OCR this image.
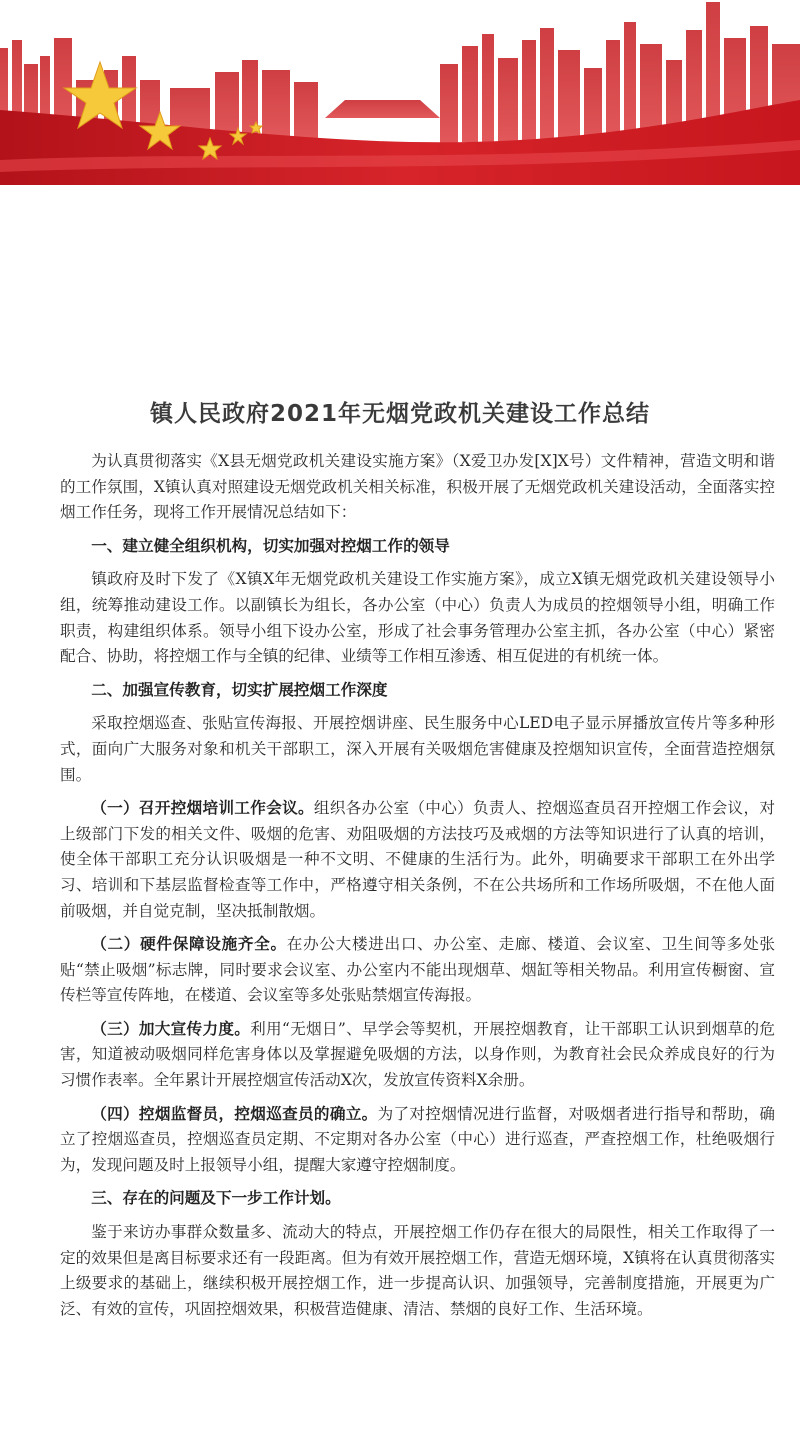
镇人民政府2021年无烟党政机关建设工作总结

为认真贯彻落实《X县无烟党政机关建设实施方案》（X爱卫办发[X]X号）文件精神，营造文明和谐的工作氛围，X镇认真对照建设无烟党政机关相关标准，积极开展了无烟党政机关建设活动，全面落实控烟工作任务，现将工作开展情况总结如下：

一、建立健全组织机构，切实加强对控烟工作的领导

镇政府及时下发了《X镇X年无烟党政机关建设工作实施方案》，成立X镇无烟党政机关建设领导小组，统筹推动建设工作。以副镇长为组长，各办公室（中心）负责人为成员的控烟领导小组，明确工作职责，构建组织体系。领导小组下设办公室，形成了社会事务管理办公室主抓，各办公室（中心）紧密配合、协助，将控烟工作与全镇的纪律、业绩等工作相互渗透、相互促进的有机统一体。

二、加强宣传教育，切实扩展控烟工作深度

采取控烟巡查、张贴宣传海报、开展控烟讲座、民生服务中心LED电子显示屏播放宣传片等多种形式，面向广大服务对象和机关干部职工，深入开展有关吸烟危害健康及控烟知识宣传，全面营造控烟氛围。

（一）召开控烟培训工作会议。组织各办公室（中心）负责人、控烟巡查员召开控烟工作会议，对上级部门下发的相关文件、吸烟的危害、劝阻吸烟的方法技巧及戒烟的方法等知识进行了认真的培训，使全体干部职工充分认识吸烟是一种不文明、不健康的生活行为。此外，明确要求干部职工在外出学习、培训和下基层监督检查等工作中，严格遵守相关条例，不在公共场所和工作场所吸烟，不在他人面前吸烟，并自觉克制，坚决抵制散烟。

（二）硬件保障设施齐全。在办公大楼进出口、办公室、走廊、楼道、会议室、卫生间等多处张贴“禁止吸烟”标志牌，同时要求会议室、办公室内不能出现烟草、烟缸等相关物品。利用宣传橱窗、宣传栏等宣传阵地，在楼道、会议室等多处张贴禁烟宣传海报。

（三）加大宣传力度。利用“无烟日”、早学会等契机，开展控烟教育，让干部职工认识到烟草的危害，知道被动吸烟同样危害身体以及掌握避免吸烟的方法，以身作则，为教育社会民众养成良好的行为习惯作表率。全年累计开展控烟宣传活动X次，发放宣传资料X余册。

（四）控烟监督员，控烟巡查员的确立。为了对控烟情况进行监督，对吸烟者进行指导和帮助，确立了控烟巡查员，控烟巡查员定期、不定期对各办公室（中心）进行巡查，严查控烟工作，杜绝吸烟行为，发现问题及时上报领导小组，提醒大家遵守控烟制度。

三、存在的问题及下一步工作计划。

鉴于来访办事群众数量多、流动大的特点，开展控烟工作仍存在很大的局限性，相关工作取得了一定的效果但是离目标要求还有一段距离。但为有效开展控烟工作，营造无烟环境，X镇将在认真贯彻落实上级要求的基础上，继续积极开展控烟工作，进一步提高认识、加强领导，完善制度措施，开展更为广泛、有效的宣传，巩固控烟效果，积极营造健康、清洁、禁烟的良好工作、生活环境。
